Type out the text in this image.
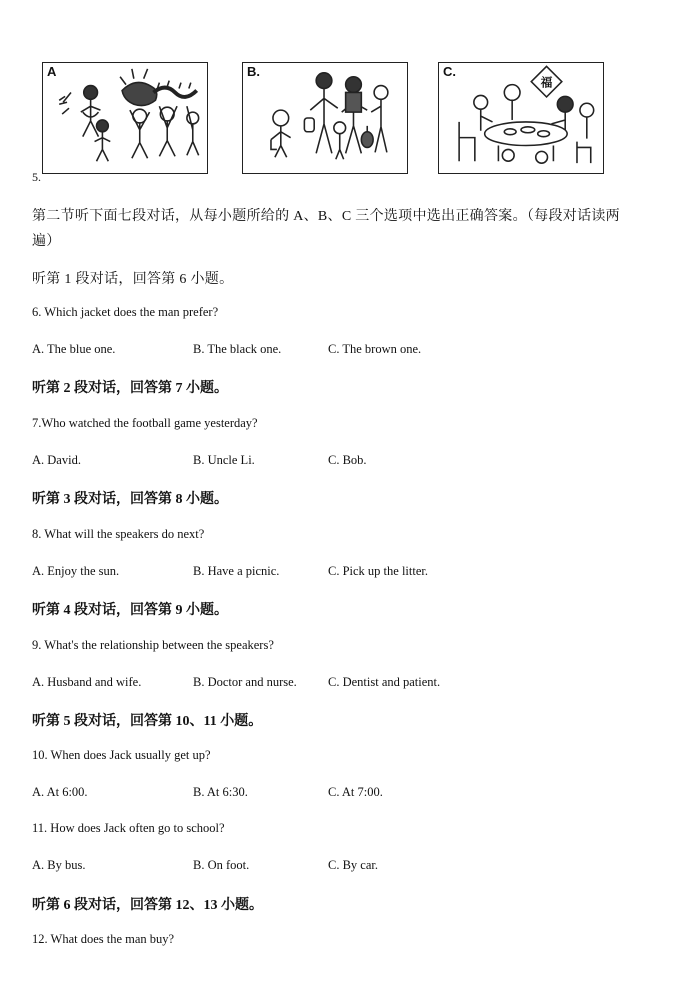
A	B.	C.
福
5.
第二节听下面七段对话，从每小题所给的 A、B、C 三个选项中选出正确答案。（每段对话读两
遍）
听第 1 段对话，回答第 6 小题。
6. Which jacket does the man prefer?
A. The blue one.	B. The black one.	C. The brown one.
听第 2 段对话，回答第 7 小题。
7.Who watched the football game yesterday?
A. David.	B. Uncle Li.	C. Bob.
听第 3 段对话，回答第 8 小题。
8. What will the speakers do next?
A. Enjoy the sun.	B. Have a picnic.	C. Pick up the litter.
听第 4 段对话，回答第 9 小题。
9. What's the relationship between the speakers?
A. Husband and wife.	B. Doctor and nurse. C. Dentist and patient.
听第 5 段对话，回答第 10、11 小题。
10. When does Jack usually get up?
A. At 6:00.	B. At 6:30.	C. At 7:00.
11. How does Jack often go to school?
A. By bus.	B. On foot.	C. By car.
听第 6 段对话，回答第 12、13 小题。
12. What does the man buy?
